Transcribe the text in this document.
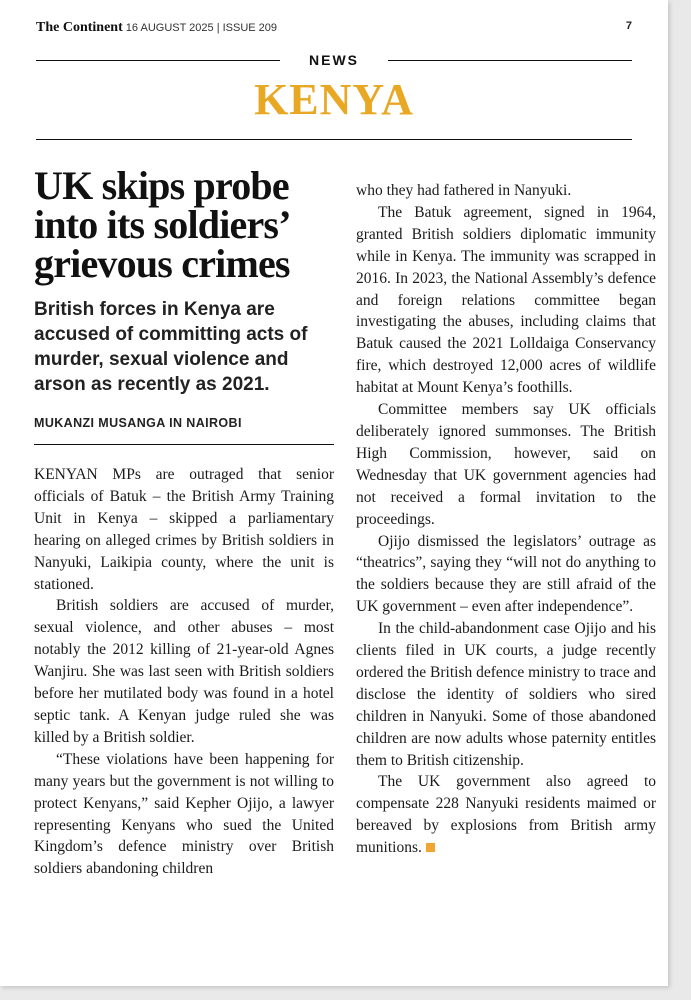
The Continent 16 AUGUST 2025 | ISSUE 209	7
NEWS
KENYA
UK skips probe into its soldiers’ grievous crimes

British forces in Kenya are accused of committing acts of murder, sexual violence and arson as recently as 2021.

MUKANZI MUSANGA IN NAIROBI

KENYAN MPs are outraged that senior officials of Batuk – the British Army Training Unit in Kenya – skipped a parliamentary hearing on alleged crimes by British soldiers in Nanyuki, Laikipia county, where the unit is stationed.

British soldiers are accused of murder, sexual violence, and other abuses – most notably the 2012 killing of 21-year-old Agnes Wanjiru. She was last seen with British soldiers before her mutilated body was found in a hotel septic tank. A Kenyan judge ruled she was killed by a British soldier.

“These violations have been happening for many years but the government is not willing to protect Kenyans,” said Kepher Ojijo, a lawyer representing Kenyans who sued the United Kingdom’s defence ministry over British soldiers abandoning children

who they had fathered in Nanyuki.

The Batuk agreement, signed in 1964, granted British soldiers diplomatic immunity while in Kenya. The immunity was scrapped in 2016. In 2023, the National Assembly’s defence and foreign relations committee began investigating the abuses, including claims that Batuk caused the 2021 Lolldaiga Conservancy fire, which destroyed 12,000 acres of wildlife habitat at Mount Kenya’s foothills.

Committee members say UK officials deliberately ignored summonses. The British High Commission, however, said on Wednesday that UK government agencies had not received a formal invitation to the proceedings.

Ojijo dismissed the legislators’ outrage as “theatrics”, saying they “will not do anything to the soldiers because they are still afraid of the UK government – even after independence”.

In the child-abandonment case Ojijo and his clients filed in UK courts, a judge recently ordered the British defence ministry to trace and disclose the identity of soldiers who sired children in Nanyuki. Some of those abandoned children are now adults whose paternity entitles them to British citizenship.

The UK government also agreed to compensate 228 Nanyuki residents maimed or bereaved by explosions from British army munitions.
